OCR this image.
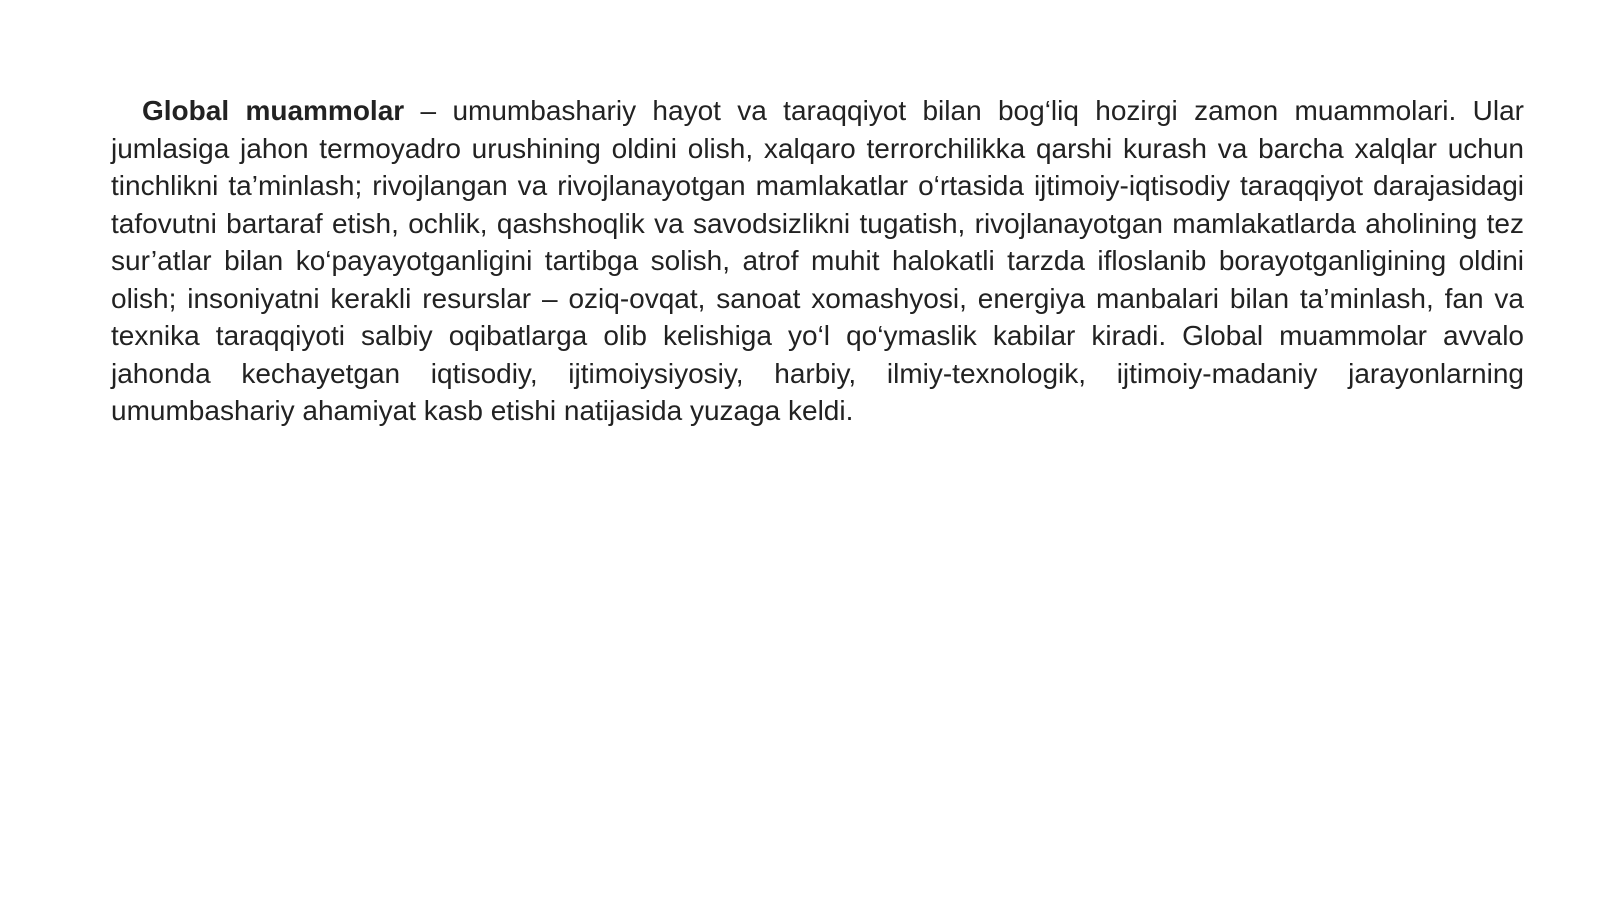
Global muammolar – umumbashariy hayot va taraqqiyot bilan bog‘liq hozirgi zamon muammolari. Ular jumlasiga jahon termoyadro urushining oldini olish, xalqaro terrorchilikka qarshi kurash va barcha xalqlar uchun tinchlikni ta’minlash; rivojlangan va rivojlanayotgan mamlakatlar o‘rtasida ijtimoiy-iqtisodiy taraqqiyot darajasidagi tafovutni bartaraf etish, ochlik, qashshoqlik va savodsizlikni tugatish, rivojlanayotgan mamlakatlarda aholining tez sur’atlar bilan ko‘payayotganligini tartibga solish, atrof muhit halokatli tarzda ifloslanib borayotganligining oldini olish; insoniyatni kerakli resurslar – oziq-ovqat, sanoat xomashyosi, energiya manbalari bilan ta’minlash, fan va texnika taraqqiyoti salbiy oqibatlarga olib kelishiga yo‘l qo‘ymaslik kabilar kiradi. Global muammolar avvalo jahonda kechayetgan iqtisodiy, ijtimoiysiyosiy, harbiy, ilmiy-texnologik, ijtimoiy-madaniy jarayonlarning umumbashariy ahamiyat kasb etishi natijasida yuzaga keldi.
